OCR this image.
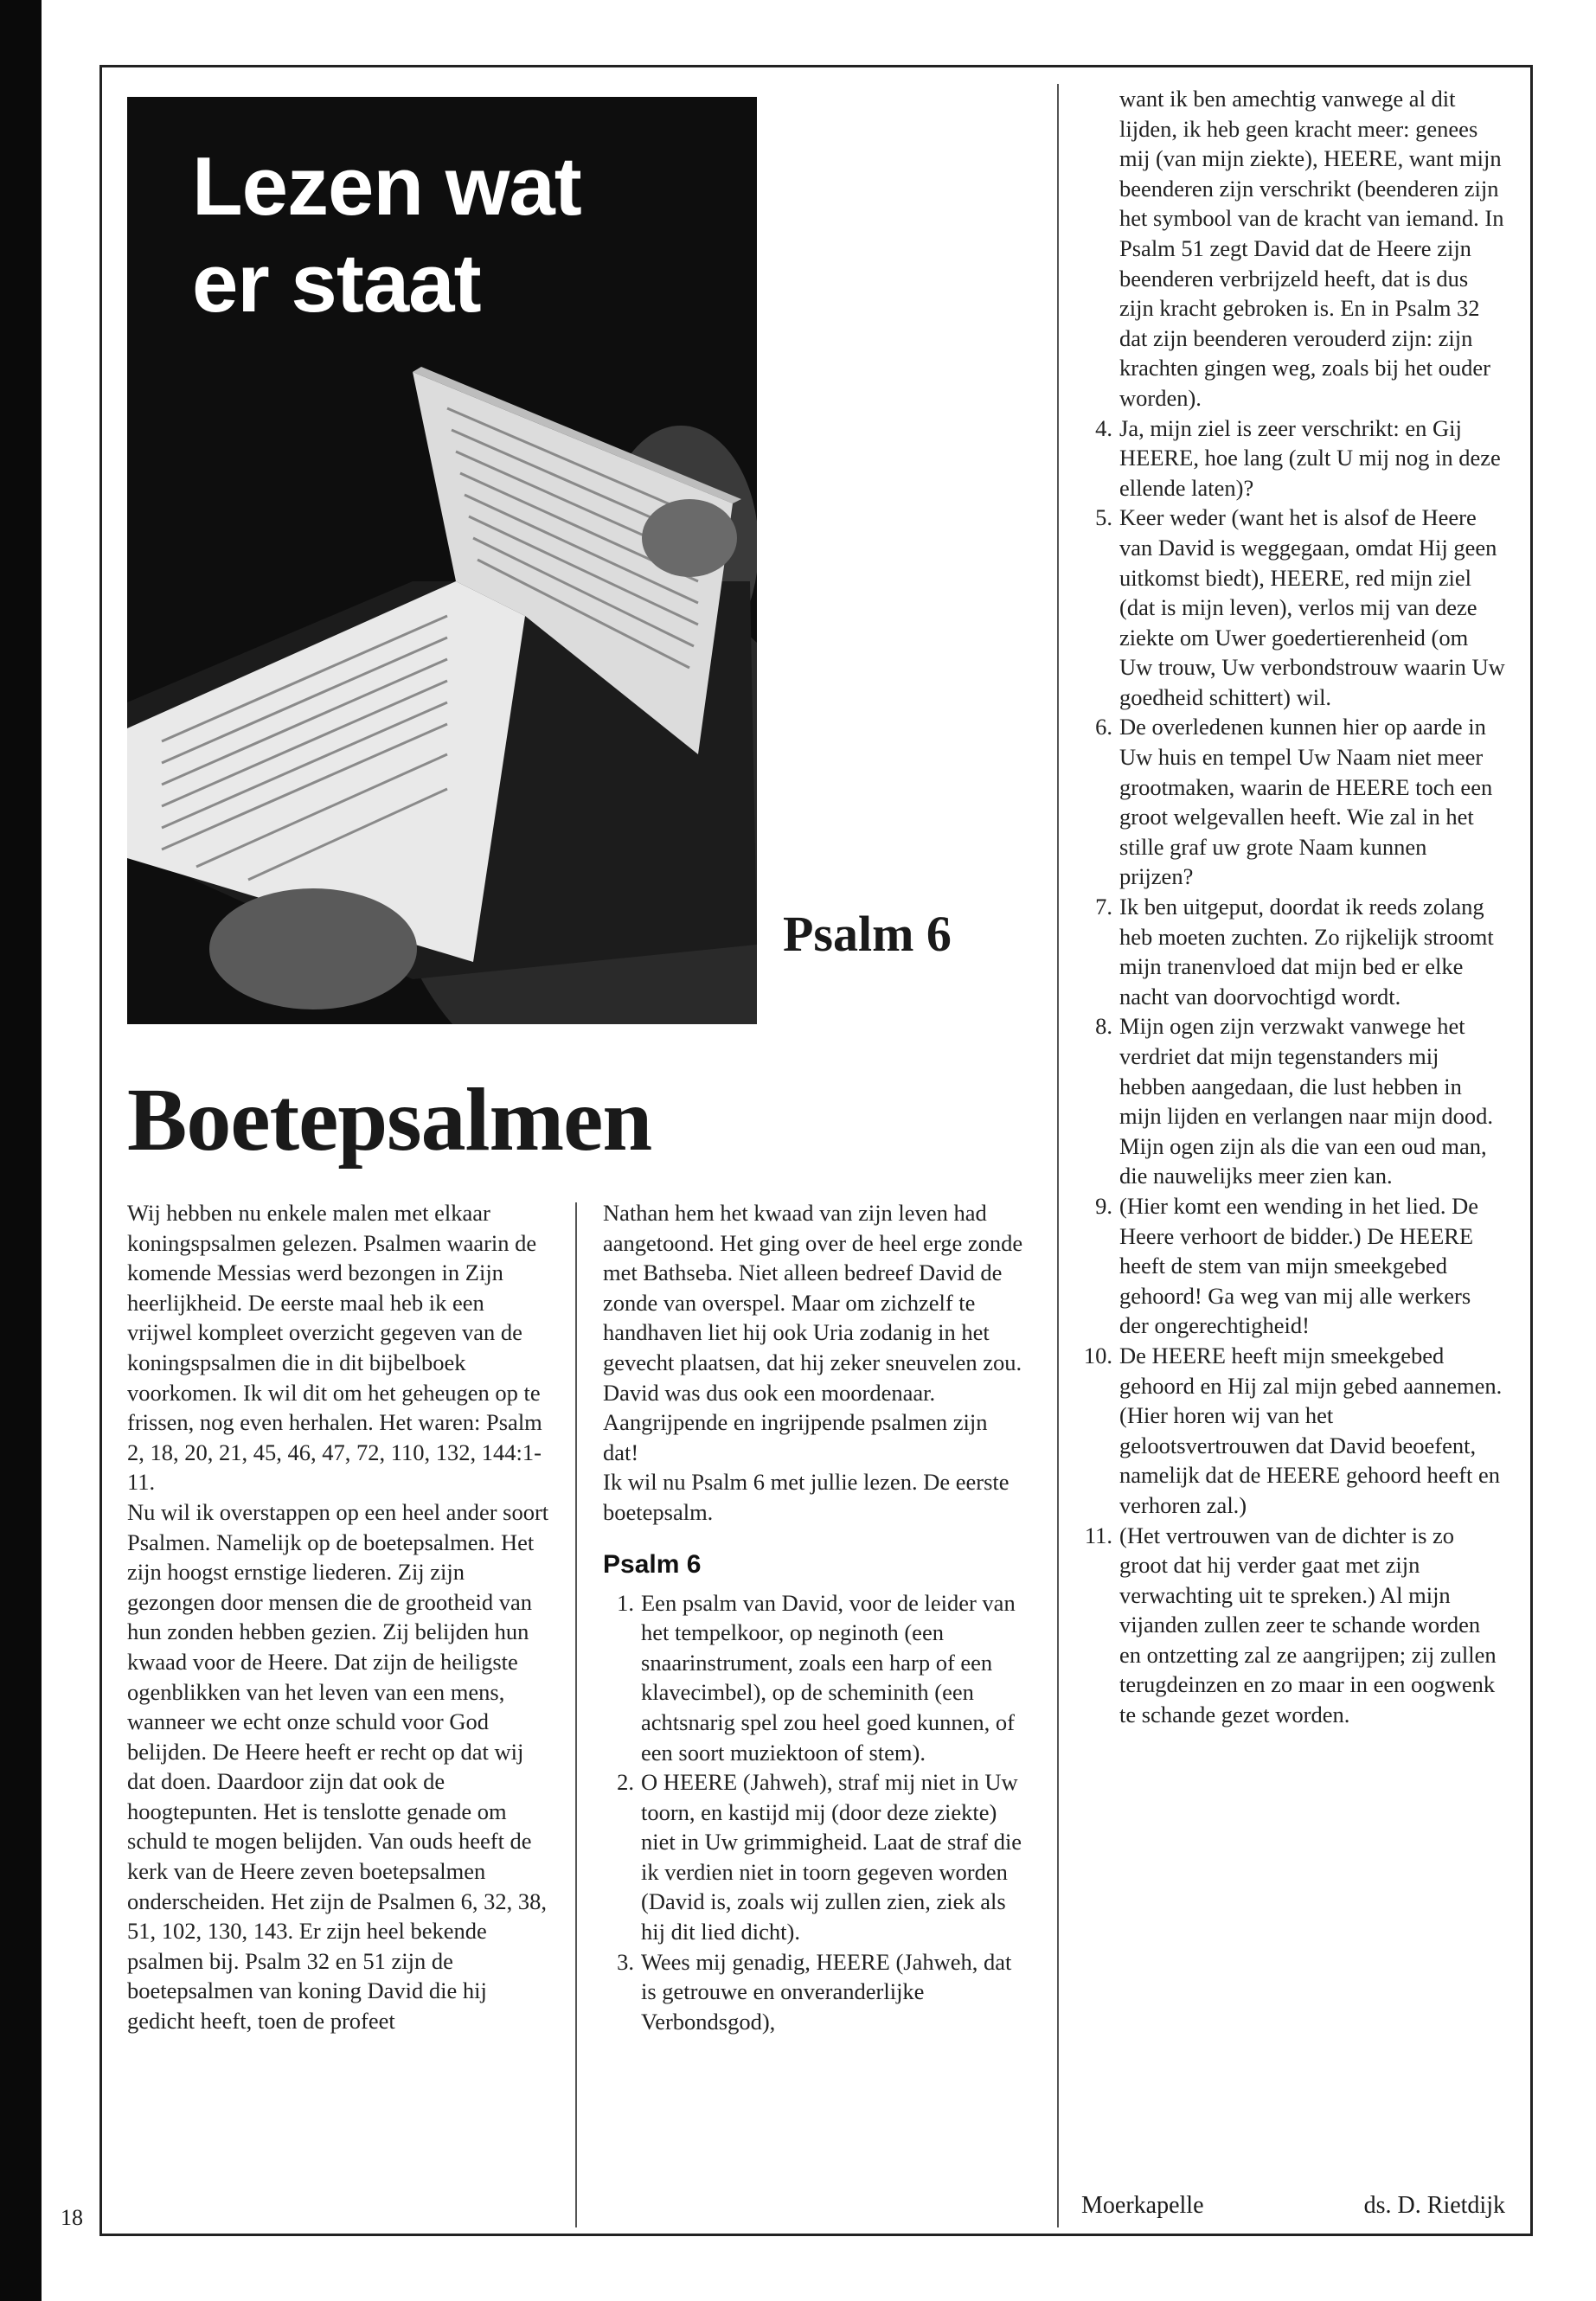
Lezen wat
er staat
Psalm 6
Boetepsalmen

Wij hebben nu enkele malen met elkaar koningspsalmen gelezen. Psalmen waarin de komende Messias werd bezongen in Zijn heerlijkheid. De eerste maal heb ik een vrijwel kompleet overzicht gegeven van de koningspsalmen die in dit bijbelboek voorkomen. Ik wil dit om het geheugen op te frissen, nog even herhalen. Het waren: Psalm 2, 18, 20, 21, 45, 46, 47, 72, 110, 132, 144:1-11.

Nu wil ik overstappen op een heel ander soort Psalmen. Namelijk op de boetepsalmen. Het zijn hoogst ernstige liederen. Zij zijn gezongen door mensen die de grootheid van hun zonden hebben gezien. Zij belijden hun kwaad voor de Heere. Dat zijn de heiligste ogenblikken van het leven van een mens, wanneer we echt onze schuld voor God belijden. De Heere heeft er recht op dat wij dat doen. Daardoor zijn dat ook de hoogtepunten. Het is tenslotte genade om schuld te mogen belijden. Van ouds heeft de kerk van de Heere zeven boetepsalmen onderscheiden. Het zijn de Psalmen 6, 32, 38, 51, 102, 130, 143. Er zijn heel bekende psalmen bij. Psalm 32 en 51 zijn de boetepsalmen van koning David die hij gedicht heeft, toen de profeet

Nathan hem het kwaad van zijn leven had aangetoond. Het ging over de heel erge zonde met Bathseba. Niet alleen bedreef David de zonde van overspel. Maar om zichzelf te handhaven liet hij ook Uria zodanig in het gevecht plaatsen, dat hij zeker sneuvelen zou. David was dus ook een moordenaar. Aangrijpende en ingrijpende psalmen zijn dat!

Ik wil nu Psalm 6 met jullie lezen. De eerste boetepsalm.

Psalm 6

1. Een psalm van David, voor de leider van het tempelkoor, op neginoth (een snaarinstrument, zoals een harp of een klavecimbel), op de scheminith (een achtsnarig spel zou heel goed kunnen, of een soort muziektoon of stem).
2. O HEERE (Jahweh), straf mij niet in Uw toorn, en kastijd mij (door deze ziekte) niet in Uw grimmigheid. Laat de straf die ik verdien niet in toorn gegeven worden (David is, zoals wij zullen zien, ziek als hij dit lied dicht).
3. Wees mij genadig, HEERE (Jahweh, dat is getrouwe en onveranderlijke Verbondsgod),

want ik ben amechtig vanwege al dit lijden, ik heb geen kracht meer: genees mij (van mijn ziekte), HEERE, want mijn beenderen zijn verschrikt (beenderen zijn het symbool van de kracht van iemand. In Psalm 51 zegt David dat de Heere zijn beenderen verbrijzeld heeft, dat is dus zijn kracht gebroken is. En in Psalm 32 dat zijn beenderen verouderd zijn: zijn krachten gingen weg, zoals bij het ouder worden).

4. Ja, mijn ziel is zeer verschrikt: en Gij HEERE, hoe lang (zult U mij nog in deze ellende laten)?
5. Keer weder (want het is alsof de Heere van David is weggegaan, omdat Hij geen uitkomst biedt), HEERE, red mijn ziel (dat is mijn leven), verlos mij van deze ziekte om Uwer goedertierenheid (om Uw trouw, Uw verbondstrouw waarin Uw goedheid schittert) wil.
6. De overledenen kunnen hier op aarde in Uw huis en tempel Uw Naam niet meer grootmaken, waarin de HEERE toch een groot welgevallen heeft. Wie zal in het stille graf uw grote Naam kunnen prijzen?
7. Ik ben uitgeput, doordat ik reeds zolang heb moeten zuchten. Zo rijkelijk stroomt mijn tranenvloed dat mijn bed er elke nacht van doorvochtigd wordt.
8. Mijn ogen zijn verzwakt vanwege het verdriet dat mijn tegenstanders mij hebben aangedaan, die lust hebben in mijn lijden en verlangen naar mijn dood. Mijn ogen zijn als die van een oud man, die nauwelijks meer zien kan.
9. (Hier komt een wending in het lied. De Heere verhoort de bidder.) De HEERE heeft de stem van mijn smeekgebed gehoord! Ga weg van mij alle werkers der ongerechtigheid!
10. De HEERE heeft mijn smeekgebed gehoord en Hij zal mijn gebed aannemen. (Hier horen wij van het gelootsvertrouwen dat David beoefent, namelijk dat de HEERE gehoord heeft en verhoren zal.)
11. (Het vertrouwen van de dichter is zo groot dat hij verder gaat met zijn verwachting uit te spreken.) Al mijn vijanden zullen zeer te schande worden en ontzetting zal ze aangrijpen; zij zullen terugdeinzen en zo maar in een oogwenk te schande gezet worden.
Moerkapelle	ds. D. Rietdijk
18
